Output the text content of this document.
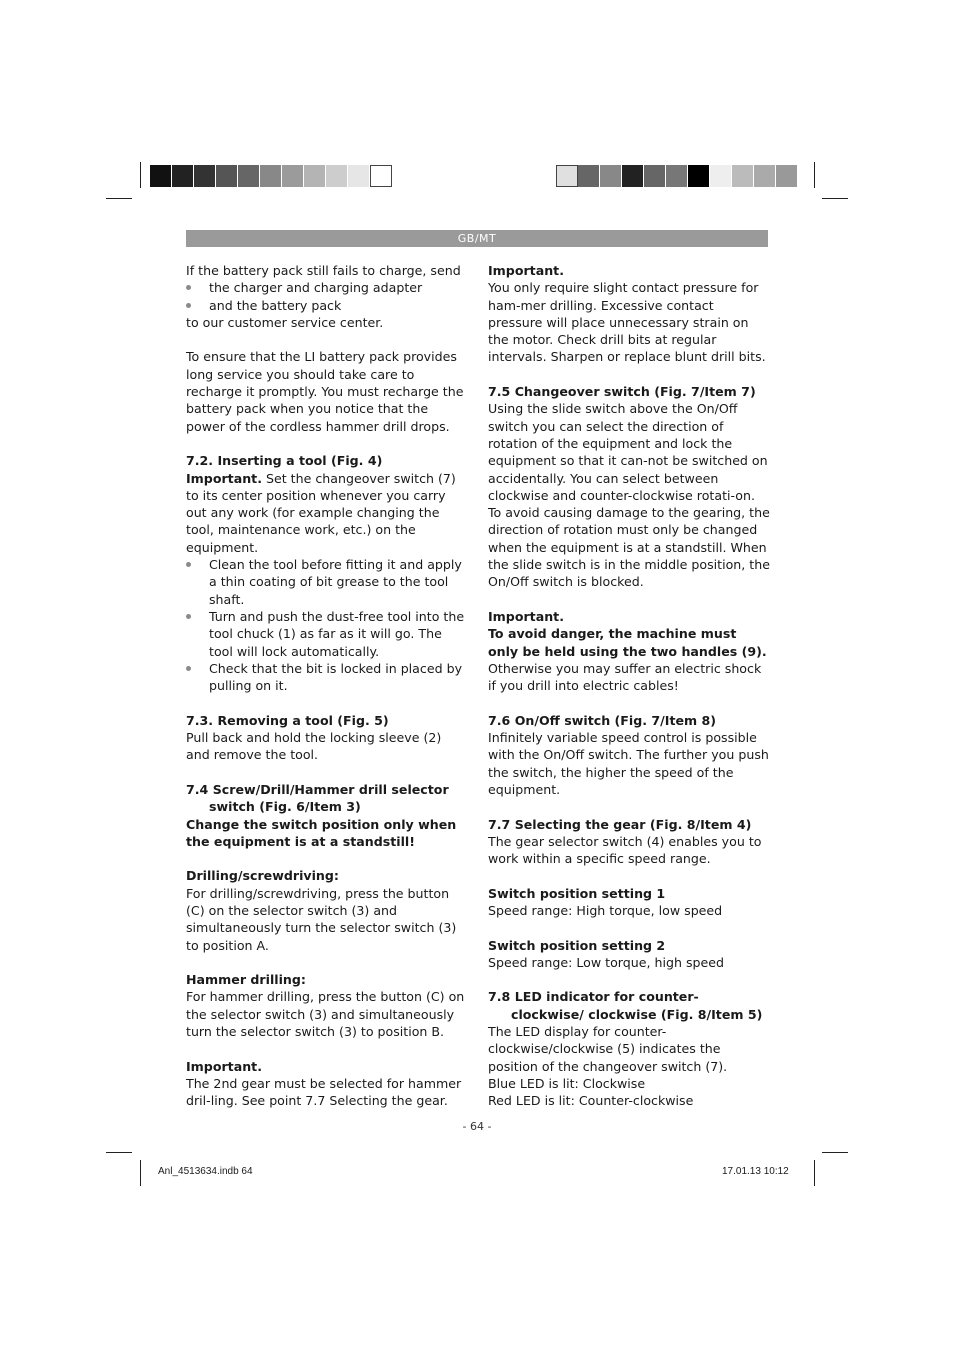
GB/MT

If the battery pack still fails to charge, send

the charger and charging adapter
and the battery pack

to our customer service center.

To ensure that the LI battery pack provides long service you should take care to recharge it promptly. You must recharge the battery pack when you notice that the power of the cordless hammer drill drops.

7.2. Inserting a tool (Fig. 4)

Important. Set the changeover switch (7) to its center position whenever you carry out any work (for example changing the tool, maintenance work, etc.) on the equipment.

Clean the tool before fitting it and apply a thin coating of bit grease to the tool shaft.
Turn and push the dust-free tool into the tool chuck (1) as far as it will go. The tool will lock automatically.
Check that the bit is locked in placed by pulling on it.
7.3. Removing a tool (Fig. 5)

Pull back and hold the locking sleeve (2) and remove the tool.

7.4 Screw/Drill/Hammer drill selector switch (Fig. 6/Item 3)

Change the switch position only when the equipment is at a standstill!

Drilling/screwdriving:

For drilling/screwdriving, press the button (C) on the selector switch (3) and simultaneously turn the selector switch (3) to position A.

Hammer drilling:

For hammer drilling, press the button (C) on the selector switch (3) and simultaneously turn the selector switch (3) to position B.

Important.

The 2nd gear must be selected for hammer dril-ling. See point 7.7 Selecting the gear.

Important.

You only require slight contact pressure for ham-mer drilling. Excessive contact pressure will place unnecessary strain on the motor. Check drill bits at regular intervals. Sharpen or replace blunt drill bits.

7.5 Changeover switch (Fig. 7/Item 7)

Using the slide switch above the On/Off switch you can select the direction of rotation of the equipment and lock the equipment so that it can-not be switched on accidentally. You can select between clockwise and counter-clockwise rotati-on. To avoid causing damage to the gearing, the direction of rotation must only be changed when the equipment is at a standstill. When the slide switch is in the middle position, the On/Off switch is blocked.

Important.

To avoid danger, the machine must only be held using the two handles (9).

Otherwise you may suffer an electric shock if you drill into electric cables!

7.6 On/Off switch (Fig. 7/Item 8)

Infinitely variable speed control is possible with the On/Off switch. The further you push the switch, the higher the speed of the equipment.

7.7 Selecting the gear (Fig. 8/Item 4)

The gear selector switch (4) enables you to work within a specific speed range.

Switch position setting 1

Speed range: High torque, low speed

Switch position setting 2

Speed range: Low torque, high speed

7.8 LED indicator for counter-clockwise/ clockwise (Fig. 8/Item 5)

The LED display for counter-clockwise/clockwise (5) indicates the position of the changeover switch (7).

Blue LED is lit: Clockwise

Red LED is lit: Counter-clockwise

- 64 -
Anl_4513634.indb 64	17.01.13 10:12
